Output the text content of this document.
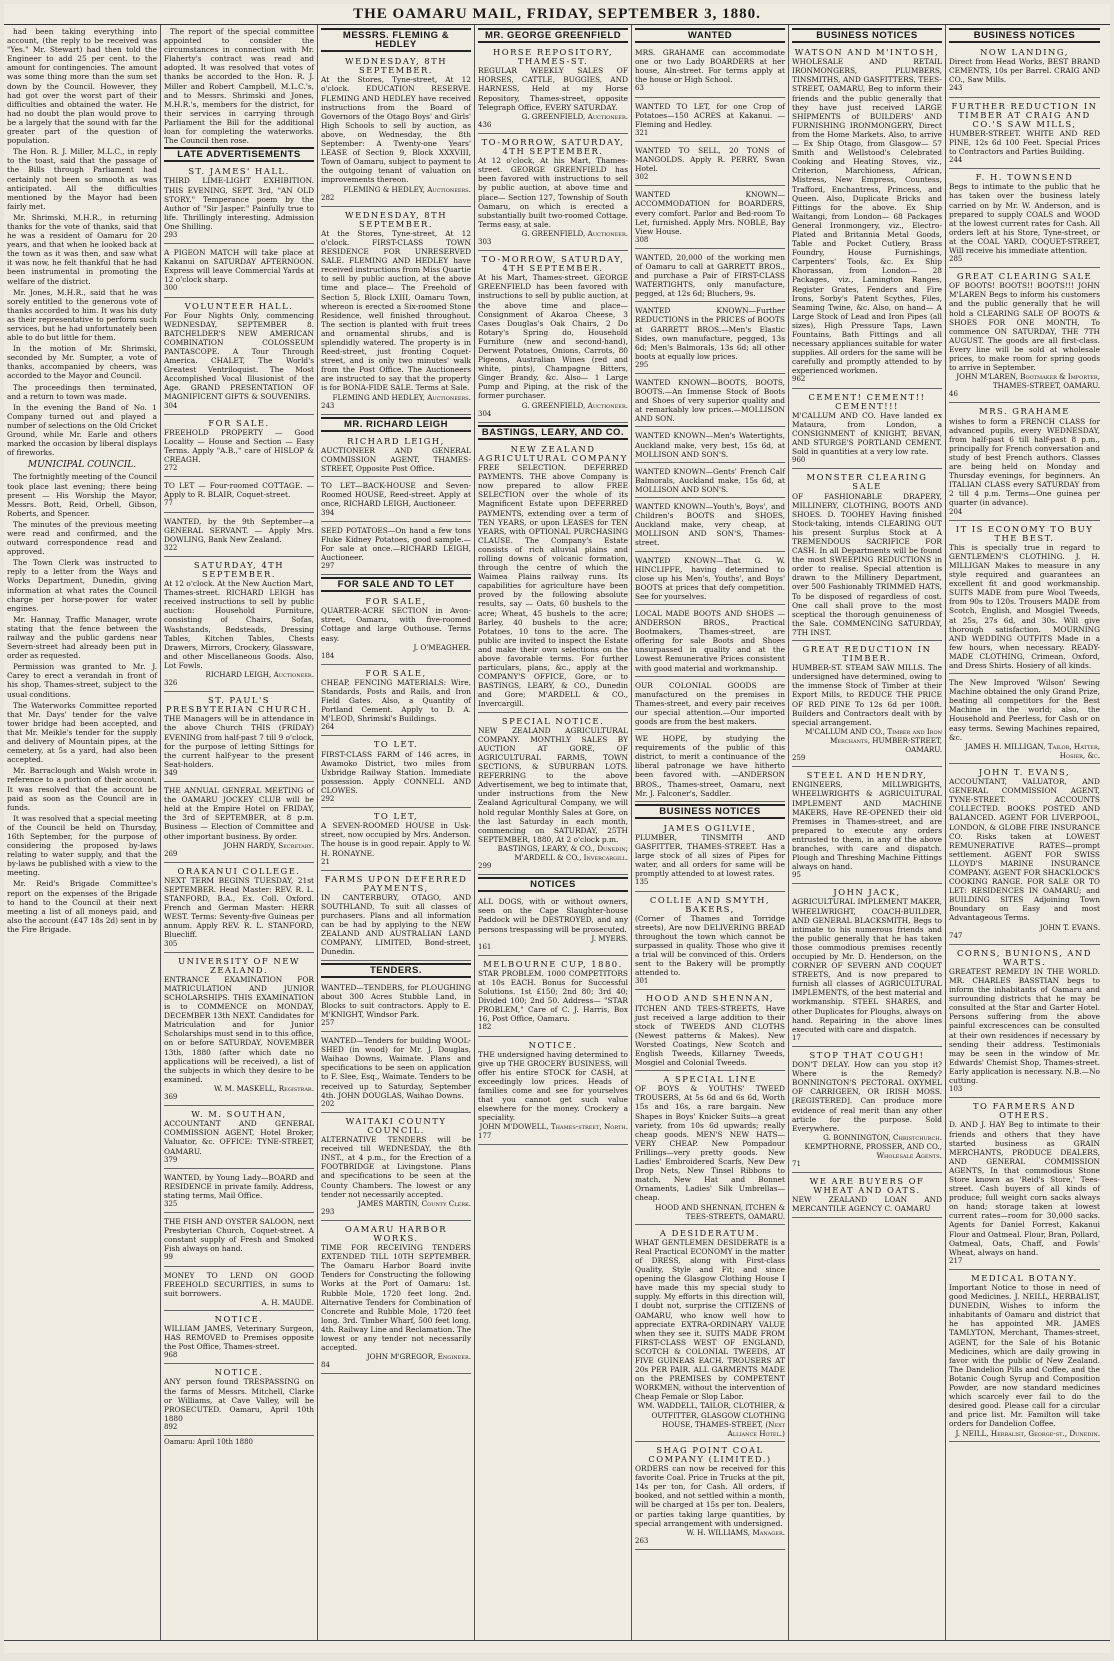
THE OAMARU MAIL, FRIDAY, SEPTEMBER 3, 1880.

had been taking everything into account, (the reply to be received was "Yes." Mr. Stewart) had then told the Engineer to add 25 per cent. to the amount for contingencies. The amount was some thing more than the sum set down by the Council. However, they had got over the worst part of their difficulties and obtained the water. He had no doubt the plan would prove to be a largely that the sound with far the greater part of the question of population.

The Hon. R. J. Miller, M.L.C., in reply to the toast, said that the passage of the Bills through Parliament had certainly not been so smooth as was anticipated. All the difficulties mentioned by the Mayor had been fairly met.

Mr. Shrimski, M.H.R., in returning thanks for the vote of thanks, said that he was a resident of Oamaru for 20 years, and that when he looked back at the town as it was then, and saw what it was now, he felt thankful that he had been instrumental in promoting the welfare of the district.

Mr. Jones, M.H.R., said that he was sorely entitled to the generous vote of thanks accorded to him. It was his duty as their representative to perform such services, but he had unfortunately been able to do but little for them.

In the motion of Mr. Shrimski, seconded by Mr. Sumpter, a vote of thanks, accompanied by cheers, was accorded to the Mayor and Council.

The proceedings then terminated, and a return to town was made.

In the evening the Band of No. 1 Company turned out and played a number of selections on the Old Cricket Ground, while Mr. Earle and others marked the occasion by liberal displays of fireworks.

MUNICIPAL COUNCIL.

The fortnightly meeting of the Council took place last evening; there being present — His Worship the Mayor, Messrs. Bott, Reid, Orbell, Gibson, Roberts, and Spencer.

The minutes of the previous meeting were read and confirmed, and the outward correspondence read and approved.

The Town Clerk was instructed to reply to a letter from the Ways and Works Department, Dunedin, giving information at what rates the Council charge per horse-power for water engines.

Mr. Hannay, Traffic Manager, wrote stating that the fence between the railway and the public gardens near Severn-street had already been put in order as requested.

Permission was granted to Mr. J. Carey to erect a verandah in front of his shop, Thames-street, subject to the usual conditions.

The Waterworks Committee reported that Mr. Days' tender for the valve tower bridge had been accepted, and that Mr. Meikle's tender for the supply and delivery of Mountain pipes, at the cemetery, at 5s a yard, had also been accepted.

Mr. Barraclough and Walsh wrote in reference to a portion of their account. It was resolved that the account be paid as soon as the Council are in funds.

It was resolved that a special meeting of the Council be held on Thursday, 16th September, for the purpose of considering the proposed by-laws relating to water supply, and that the by-laws be published with a view to the meeting.

Mr. Reid's Brigade Committee's report on the expenses of the Brigade to hand to the Council at their next meeting a list of all moneys paid, and also the account (£47 18s 2d) sent in by the Fire Brigade.

The report of the special committee appointed to consider the circumstances in connection with Mr. Flaherty's contract was read and adopted. It was resolved that votes of thanks be accorded to the Hon. R. J. Miller and Robert Campbell, M.L.C.'s, and to Messrs. Shrimski and Jones, M.H.R.'s, members for the district, for their services in carrying through Parliament the Bill for the additional loan for completing the waterworks. The Council then rose.

LATE ADVERTISEMENTS
ST. JAMES' HALL.
THIRD LIME-LIGHT EXHIBITION. THIS EVENING, SEPT. 3rd, "AN OLD STORY." Temperance poem by the Author of "Sir Jasper." Painfully true to life. Thrillingly interesting. Admission One Shilling.
293
A PIGEON MATCH will take place at Kakanui on SATURDAY AFTERNOON. Express will leave Commercial Yards at 12 o'clock sharp.
300
VOLUNTEER HALL.
For Four Nights Only, commencing WEDNESDAY, SEPTEMBER 8. BATCHELDER'S NEW AMERICAN COMBINATION COLOSSEUM PANTASCOPE. A Tour Through America. CHALET, The World's Greatest Ventriloquist. The Most Accomplished Vocal Illusionist of the Age. GRAND PRESENTATION OF MAGNIFICENT GIFTS & SOUVENIRS.
304
FOR SALE.
FREEHOLD PROPERTY — Good Locality — House and Section — Easy Terms. Apply "A.B.," care of HISLOP & CREAGH.
272
TO LET — Four-roomed COTTAGE. — Apply to R. BLAIR, Coquet-street.
77
WANTED, by the 9th September—a GENERAL SERVANT. — Apply Mrs. DOWLING, Bank New Zealand.
322
SATURDAY, 4TH SEPTEMBER.
At 12 o'clock. At the New Auction Mart, Thames-street. RICHARD LEIGH has received instructions to sell by public auction: Household Furniture, consisting of Chairs, Sofas, Washstands, Bedsteads, Dressing Tables, Kitchen Tables, Chests Drawers, Mirrors, Crockery, Glassware, and other Miscellaneous Goods. Also, Lot Fowls.
RICHARD LEIGH, Auctioneer.
326
ST. PAUL'S PRESBYTERIAN CHURCH.
THE Managers will be in attendance in the above Church THIS (FRIDAY) EVENING from half-past 7 till 9 o'clock, for the purpose of letting Sittings for the current half-year to the present Seat-holders.
349
THE ANNUAL GENERAL MEETING of the OAMARU JOCKEY CLUB will be held at the Empire Hotel on FRIDAY, the 3rd of SEPTEMBER, at 8 p.m. Business — Election of Committee and other important business. By order.
JOHN HARDY, Secretary.
269
ORAKANUI COLLEGE.
NEXT TERM BEGINS TUESDAY, 21st SEPTEMBER. Head Master: REV. R. L. STANFORD, B.A., Ex. Coll. Oxford. French and German Master: HERR WEST. Terms: Seventy-five Guineas per annum. Apply REV. R. L. STANFORD, Bluecliff.
305
UNIVERSITY OF NEW ZEALAND.
ENTRANCE EXAMINATION FOR MATRICULATION AND JUNIOR SCHOLARSHIPS. THIS EXAMINATION is to COMMENCE on MONDAY, DECEMBER 13th NEXT. Candidates for Matriculation and for Junior Scholarships must send in to this office, on or before SATURDAY, NOVEMBER 13th, 1880 (after which date no applications will be received), a list of the subjects in which they desire to be examined.
W. M. MASKELL, Registrar.
369
W. M. SOUTHAN,
ACCOUNTANT AND GENERAL COMMISSION AGENT, Hotel Broker, Valuator, &c. OFFICE: TYNE-STREET, OAMARU.
379
WANTED, by Young Lady—BOARD and RESIDENCE in private family. Address, stating terms, Mail Office.
325
THE FISH AND OYSTER SALOON, next Presbyterian Church, Coquet-street. A constant supply of Fresh and Smoked Fish always on hand.
99
MONEY TO LEND ON GOOD FREEHOLD SECURITIES, in sums to suit borrowers.
A. H. MAUDE.
NOTICE.
WILLIAM JAMES, Veterinary Surgeon, HAS REMOVED to Premises opposite the Post Office, Thames-street.
968
NOTICE.
ANY person found TRESPASSING on the farms of Messrs. Mitchell, Clarke or Williams, at Cave Valley, will be PROSECUTED. Oamaru, April 10th 1880
892
Oamaru: April 10th 1880
MESSRS. FLEMING & HEDLEY
WEDNESDAY, 8TH SEPTEMBER.
At the Stores, Tyne-street, At 12 o'clock. EDUCATION RESERVE. FLEMING AND HEDLEY have received instructions from the Board of Governors of the Otago Boys' and Girls' High Schools to sell by auction, as above, on Wednesday, the 8th September: A Twenty-one Years' LEASE of Section 9, Block XXXVIII, Town of Oamaru, subject to payment to the outgoing tenant of valuation on improvements thereon.
FLEMING & HEDLEY, Auctioneers.
282
WEDNESDAY, 8TH SEPTEMBER.
At the Stores, Tyne-street, At 12 o'clock. FIRST-CLASS TOWN RESIDENCE FOR UNRESERVED SALE. FLEMING AND HEDLEY have received instructions from Miss Quartie to sell by public auction, at the above time and place— The Freehold of Section 5, Block LXIII, Oamaru Town, whereon is erected a Six-roomed Stone Residence, well finished throughout. The section is planted with fruit trees and ornamental shrubs, and is splendidly watered. The property is in Reed-street, just fronting Coquet-street, and is only two minutes' walk from the Post Office. The Auctioneers are instructed to say that the property is for BONA-FIDE SALE. Terms at Sale.
FLEMING AND HEDLEY, Auctioneers.
243
MR. RICHARD LEIGH
RICHARD LEIGH,
AUCTIONEER AND GENERAL COMMISSION AGENT, THAMES-STREET, Opposite Post Office.
TO LET—BACK-HOUSE and Seven-Roomed HOUSE, Reed-street. Apply at once, RICHARD LEIGH, Auctioneer.
394
SEED POTATOES—On hand a few tons Fluke Kidney Potatoes, good sample.—For sale at once.—RICHARD LEIGH, Auctioneer.
297
FOR SALE AND TO LET
FOR SALE,
QUARTER-ACRE SECTION in Avon-street, Oamaru, with five-roomed Cottage and large Outhouse. Terms easy.
J. O'MEAGHER.
184
FOR SALE,
CHEAP, FENCING MATERIALS: Wire, Standards, Posts and Rails, and Iron Field Gates. Also, a Quantity of Portland Cement. Apply to D. A. M'LEOD, Shrimski's Buildings.
264
TO LET.
FIRST-CLASS FARM of 146 acres, in Awamoko District, two miles from Uxbridge Railway Station. Immediate possession. Apply CONNELL AND CLOWES.
292
TO LET,
A SEVEN-ROOMED HOUSE in Usk-street, now occupied by Mrs. Anderson. The house is in good repair. Apply to W. H. RONAYNE.
21
FARMS UPON DEFERRED PAYMENTS,
IN CANTERBURY, OTAGO, AND SOUTHLAND, To suit all classes of purchasers. Plans and all information can be had by applying to the NEW ZEALAND AND AUSTRALIAN LAND COMPANY, LIMITED, Bond-street, Dunedin.
TENDERS.
WANTED—TENDERS, for PLOUGHING about 300 Acres Stubble Land, in Blocks to suit contractors. Apply to E. M'KNIGHT, Windsor Park.
257
WANTED—Tenders for building WOOL-SHED (in wood) for Mr. J. Douglas, Waihao Downs, Waimate. Plans and specifications to be seen on application to F. Slee, Esq., Waimate. Tenders to be received up to Saturday, September 4th. JOHN DOUGLAS, Waihao Downs.
202
WAITAKI COUNTY COUNCIL.
ALTERNATIVE TENDERS will be received till WEDNESDAY, the 8th INST., at 4 p.m., for the Erection of a FOOTBRIDGE at Livingstone. Plans and specifications to be seen at the County Chambers. The lowest or any tender not necessarily accepted.
JAMES MARTIN, County Clerk.
293
OAMARU HARBOR WORKS.
TIME FOR RECEIVING TENDERS EXTENDED TILL 10TH SEPTEMBER. The Oamaru Harbor Board invite Tenders for Constructing the following Works at the Port of Oamaru: 1st. Rubble Mole, 1720 feet long. 2nd. Alternative Tenders for Combination of Concrete and Rubble Mole, 1720 feet long. 3rd. Timber Wharf, 500 feet long. 4th. Railway Line and Reclamation. The lowest or any tender not necessarily accepted.
JOHN M'GREGOR, Engineer.
84
MR. GEORGE GREENFIELD
HORSE REPOSITORY, THAMES-ST.
REGULAR WEEKLY SALES OF HORSES, CATTLE, BUGGIES, AND HARNESS, Held at my Horse Repository, Thames-street, opposite Telegraph Office, EVERY SATURDAY.
G. GREENFIELD, Auctioneer.
436
TO-MORROW, SATURDAY, 4TH SEPTEMBER.
At 12 o'clock, At his Mart, Thames-street. GEORGE GREENFIELD has been favored with instructions to sell by public auction, at above time and place— Section 127, Township of South Oamaru, on which is erected a substantially built two-roomed Cottage. Terms easy, at sale.
G. GREENFIELD, Auctioneer.
303
TO-MORROW, SATURDAY, 4TH SEPTEMBER.
At his Mart, Thames-street. GEORGE GREENFIELD has been favored with instructions to sell by public auction, at the above time and place— Consignment of Akaroa Cheese, 3 Cases Douglas's Oak Chairs, 2 Do Rotary's Spring do, Household Furniture (new and second-hand), Derwent Potatoes, Onions, Carrots, 80 Pigeons, Australian Wines (red and white, pints), Champagne Bitters, Ginger Brandy, &c. Also— 1 Large Pump and Piping, at the risk of the former purchaser.
G. GREENFIELD, Auctioneer.
304
BASTINGS, LEARY, AND CO.
NEW ZEALAND AGRICULTURAL COMPANY
FREE SELECTION. DEFERRED PAYMENTS. THE above Company is now prepared to allow FREE SELECTION over the whole of its Magnificent Estate upon DEFERRED PAYMENTS, extending over a term of TEN YEARS, or upon LEASES for TEN YEARS, with OPTIONAL PURCHASING CLAUSE. The Company's Estate consists of rich alluvial plains and rolling downs of volcanic formation, through the centre of which the Waimea Plains railway runs. Its capabilities for agriculture have been proved by the following absolute results, say — Oats, 60 bushels to the acre; Wheat, 45 bushels to the acre; Barley, 40 bushels to the acre; Potatoes, 10 tons to the acre. The public are invited to inspect the Estate and make their own selections on the above favorable terms. For further particulars, plans, &c., apply at the COMPANY'S OFFICE, Gore, or to BASTINGS, LEARY, & CO., Dunedin and Gore; M'ARDELL & CO., Invercargill.
SPECIAL NOTICE.
NEW ZEALAND AGRICULTURAL COMPANY. MONTHLY SALES BY AUCTION AT GORE, OF AGRICULTURAL FARMS, TOWN SECTIONS, & SUBURBAN LOTS. REFERRING to the above Advertisement, we beg to intimate that, under instructions from the New Zealand Agricultural Company, we will hold regular Monthly Sales at Gore, on the last Saturday in each month, commencing on SATURDAY, 25TH SEPTEMBER, 1880, At 2 o'clock p.m.
BASTINGS, LEARY, & CO., Dunedin; M'ARDELL & CO., Invercargill.
299
NOTICES
ALL DOGS, with or without owners, seen on the Cape Slaughter-house Paddock will be DESTROYED, and any persons trespassing will be prosecuted.
J. MYERS.
161
MELBOURNE CUP, 1880.
STAR PROBLEM. 1000 COMPETITORS at 10s EACH. Bonus for Successful Solutions. 1st £150; 2nd 80; 3rd 40; Divided 100; 2nd 50. Address— "STAR PROBLEM," Care of C. J. Harris, Box 16, Post Office, Oamaru.
182
NOTICE.
THE undersigned having determined to give up THE GROCERY BUSINESS, will offer his entire STOCK for CASH, at exceedingly low prices. Heads of families come and see for yourselves that you cannot get such value elsewhere for the money. Crockery a speciality.
JOHN M'DOWELL, Thames-street, North.
177
WANTED
MRS. GRAHAME can accommodate one or two Lady BOARDERS at her house, Aln-street. For terms apply at the house or High School.
63
WANTED TO LET, for one Crop of Potatoes—150 ACRES at Kakanui. —Fleming and Hedley.
321
WANTED TO SELL, 20 TONS of MANGOLDS. Apply R. PERRY, Swan Hotel.
302
WANTED KNOWN—ACCOMMODATION for BOARDERS, every comfort. Parlor and Bed-room To Let, furnished. Apply Mrs. NOBLE, Bay View House.
308
WANTED, 20,000 of the working men of Oamaru to call at GARRETT BROS., and purchase a Pair of FIRST-CLASS WATERTIGHTS, only manufacture, pegged, at 12s 6d; Bluchers, 9s.
WANTED KNOWN—Further REDUCTIONS in the PRICES of BOOTS at GARRETT BROS.—Men's Elastic Sides, own manufacture, pegged, 13s 6d; Men's Balmorals, 13s 6d; all other boots at equally low prices.
295
WANTED KNOWN—BOOTS, BOOTS, BOOTS.—An Immense Stock of Boots and Shoes of very superior quality and at remarkably low prices.—MOLLISON AND SON.
WANTED KNOWN—Men's Watertights, Auckland make, very best, 15s 6d, at MOLLISON AND SON'S.
WANTED KNOWN—Gents' French Calf Balmorals, Auckland make, 15s 6d, at MOLLISON AND SON'S.
WANTED KNOWN—Youth's, Boys', and Children's BOOTS and SHOES, Auckland make, very cheap, at MOLLISON AND SON'S, Thames-street.
WANTED KNOWN—That G. W. HINCLIFFE, having determined to close up his Men's, Youths', and Boys' BOOTS at prices that defy competition. See for yourselves.
LOCAL MADE BOOTS AND SHOES —ANDERSON BROS., Practical Bootmakers, Thames-street, are offering for sale Boots and Shoes unsurpassed in quality and at the Lowest Remunerative Prices consistent with good material and workmanship.
OUR COLONIAL GOODS are manufactured on the premises in Thames-street, and every pair receives our special attention.—Our imported goods are from the best makers.
WE HOPE, by studying the requirements of the public of this district, to merit a continuance of the liberal patronage we have hitherto been favored with. —ANDERSON BROS., Thames-street, Oamaru, next Mr. J. Falconer's, Saddler.
BUSINESS NOTICES
JAMES OGILVIE,
PLUMBER, TINSMITH AND GASFITTER, THAMES-STREET. Has a large stock of all sizes of Pipes for water, and all orders for same will be promptly attended to at lowest rates.
135
COLLIE AND SMYTH, BAKERS,
(Corner of Thames and Torridge streets), Are now DELIVERING BREAD throughout the town which cannot be surpassed in quality. Those who give it a trial will be convinced of this. Orders sent to the Bakery will be promptly attended to.
301
HOOD AND SHENNAN,
ITCHEN AND TEES-STREETS, Have just received a large addition to their stock of TWEEDS AND CLOTHS (Newest patterns & Makes). New Worsted Coatings, New Scotch and English Tweeds, Killarney Tweeds, Mosgiel and Colonial Tweeds.
A SPECIAL LINE
OF BOYS & YOUTHS' TWEED TROUSERS, At 5s 6d and 6s 6d, Worth 15s and 16s, a rare bargain. New Shapes in Boys' Knicker Suits—a great variety, from 10s 6d upwards; really cheap goods. MEN'S NEW HATS—VERY CHEAP. New Pompadour Frillings—very pretty goods. New Ladies' Embroidered Scarfs, New Dew Drop Nets, New Tinsel Ribbons to match, New Hat and Bonnet Ornaments, Ladies' Silk Umbrellas—cheap.
HOOD AND SHENNAN, ITCHEN & TEES-STREETS, OAMARU.
A DESIDERATUM.
WHAT GENTLEMEN DESIDERATE is a Real Practical ECONOMY in the matter of DRESS, along with First-class Quality, Style and Fit; and since opening the Glasgow Clothing House I have made this my special study to supply. My efforts in this direction will, I doubt not, surprise the CITIZENS of OAMARU, who know well how to appreciate EXTRA-ORDINARY VALUE when they see it. SUITS MADE FROM FIRST-CLASS WEST OF ENGLAND, SCOTCH & COLONIAL TWEEDS, AT FIVE GUINEAS EACH. TROUSERS AT 20s PER PAIR. ALL GARMENTS MADE on the PREMISES by COMPETENT WORKMEN, without the intervention of Cheap Female or Slop Labor.
WM. WADDELL, TAILOR, CLOTHIER, & OUTFITTER, GLASGOW CLOTHING HOUSE, THAMES-STREET, (Next Alliance Hotel.)
SHAG POINT COAL COMPANY (LIMITED.)
ORDERS can now be received for this favorite Coal. Price in Trucks at the pit, 14s per ton, for Cash. All orders, if booked, and not settled within a month, will be charged at 15s per ton. Dealers, or parties taking large quantities, by special arrangement with undersigned.
W. H. WILLIAMS, Manager.
263
BUSINESS NOTICES
WATSON AND M'INTOSH,
WHOLESALE AND RETAIL IRONMONGERS, PLUMBERS, TINSMITHS, AND GASFITTERS, TEES-STREET, OAMARU, Beg to inform their friends and the public generally that they have just received LARGE SHIPMENTS of BUILDERS' AND FURNISHING IRONMONGERY, Direct from the Home Markets. Also, to arrive— Ex Ship Otago, from Glasgow— 57 Smith and Wellstood's Celebrated Cooking and Heating Stoves, viz., Criterion, Marchioness, African, Mistress, New Empress, Countess, Trafford, Enchantress, Princess, and Queen. Also, Duplicate Bricks and Fittings for the above. Ex Ship Waitangi, from London— 68 Packages General Ironmongery, viz., Electro-Plated and Britannia Metal Goods, Table and Pocket Cutlery, Brass Foundry, House Furnishings, Carpenters' Tools, &c. Ex Ship Khorassan, from London— 28 Packages, viz., Lamington Ranges, Register Grates, Fenders and Fire Irons, Sorby's Patent Scythes, Files, Seaming Twine, &c. Also, on hand— A Large Stock of Lead and Iron Pipes (all sizes), High Pressure Taps, Lawn Fountains, Bath Fittings and all necessary appliances suitable for water supplies. All orders for the same will be carefully and promptly attended to by experienced workmen.
962
CEMENT! CEMENT!! CEMENT!!!
M'CALLUM AND CO. Have landed ex Mataura, from London, a CONSIGNMENT of KNIGHT, BEVAN, AND STURGE'S PORTLAND CEMENT. Sold in quantities at a very low rate.
960
MONSTER CLEARING SALE
OF FASHIONABLE DRAPERY, MILLINERY, CLOTHING, BOOTS AND SHOES. D. TOOHEY Having finished Stock-taking, intends CLEARING OUT his present Surplus Stock at A TREMENDOUS SACRIFICE FOR CASH. In all Departments will be found the most SWEEPING REDUCTIONS in order to realise. Special attention is drawn to the Millinery Department, over 500 Fashionably TRIMMED HATS, To be disposed of regardless of cost. One call shall prove to the most sceptical the thorough genuineness of the Sale. COMMENCING SATURDAY, 7TH INST.
GREAT REDUCTION IN TIMBER.
HUMBER-ST. STEAM SAW MILLS. The undersigned have determined, owing to the immense Stock of Timber at their Export Mills, to REDUCE THE PRICE OF RED PINE To 12s 6d per 100ft. Builders and Contractors dealt with by special arrangement.
M'CALLUM AND CO., Timber and Iron Merchants, HUMBER-STREET, OAMARU.
259
STEEL AND HENDRY,
ENGINEERS, MILLWRIGHTS, WHEELWRIGHTS & AGRICULTURAL IMPLEMENT AND MACHINE MAKERS, Have RE-OPENED their old Premises in Thames-street, and are prepared to execute any orders entrusted to them, in any of the above branches, with care and dispatch. Plough and Threshing Machine Fittings always on hand.
95
JOHN JACK,
AGRICULTURAL IMPLEMENT MAKER, WHEELWRIGHT, COACH-BUILDER, AND GENERAL BLACKSMITH, Begs to intimate to his numerous friends and the public generally that he has taken those commodious premises recently occupied by Mr. D. Henderson, on the CORNER OF SEVERN AND COQUET STREETS, And is now prepared to furnish all classes of AGRICULTURAL IMPLEMENTS, of the best material and workmanship. STEEL SHARES, and other Duplicates for Ploughs, always on hand. Repairing in the above lines executed with care and dispatch.
17
STOP THAT COUGH!
DON'T DELAY. How can you stop it? Where is the Remedy? BONNINGTON'S PECTORAL OXYMEL OF CARRIGEEN, OR IRISH MOSS. [REGISTERED]. Can produce more evidence of real merit than any other article for the purpose. Sold Everywhere.
G. BONNINGTON, Christchurch. KEMPTHORNE, PROSSER, AND CO., Wholesale Agents.
71
WE ARE BUYERS OF WHEAT AND OATS.
NEW ZEALAND LOAN AND MERCANTILE AGENCY C. OAMARU
BUSINESS NOTICES
NOW LANDING,
Direct from Head Works, BEST BRAND CEMENTS, 10s per Barrel. CRAIG AND CO., Saw Mills.
243
FURTHER REDUCTION IN TIMBER AT CRAIG AND CO.'S SAW MILLS,
HUMBER-STREET. WHITE AND RED PINE, 12s 6d 100 Feet. Special Prices to Contractors and Parties Building.
244
F. H. TOWNSEND
Begs to intimate to the public that he has taken over the business lately carried on by Mr. W. Anderson, and is prepared to supply COALS and WOOD at the lowest current rates for Cash. All orders left at his Store, Tyne-street, or at the COAL YARD, COQUET-STREET, Will receive his immediate attention.
285
GREAT CLEARING SALE
OF BOOTS! BOOTS!! BOOTS!!! JOHN M'LAREN Begs to inform his customers and the public generally that he will hold a CLEARING SALE OF BOOTS & SHOES FOR ONE MONTH, To commence ON SATURDAY, THE 7TH AUGUST. The goods are all first-class. Every line will be sold at wholesale prices, to make room for spring goods to arrive in September.
JOHN M'LAREN, Bootmaker & Importer, THAMES-STREET, OAMARU.
46
MRS. GRAHAME
wishes to form a FRENCH CLASS for advanced pupils, every WEDNESDAY, from half-past 6 till half-past 8 p.m., principally for French conversation and study of best French authors. Classes are being held on Monday and Thursday evenings, for beginners. An ITALIAN CLASS every SATURDAY from 2 till 4 p.m. Terms—One guinea per quarter (in advance).
204
IT IS ECONOMY TO BUY THE BEST.
This is specially true in regard to GENTLEMEN'S CLOTHING. J. H. MILLIGAN Makes to measure in any style required and guarantees an excellent fit and good workmanship. SUITS MADE from pure Wool Tweeds, from 90s to 120s. Trousers MADE from Scotch, English, and Mosgiel Tweeds, at 25s, 27s 6d, and 30s. Will give thorough satisfaction. MOURNING AND WEDDING OUTFITS Made in a few hours, when necessary. READY-MADE CLOTHING, Crimean, Oxford, and Dress Shirts. Hosiery of all kinds.
The New Improved 'Wilson' Sewing Machine obtained the only Grand Prize, beating all competitors for the Best Machine in the world; also, the Household and Peerless, for Cash or on easy terms. Sewing Machines repaired, &c.
JAMES H. MILLIGAN, Tailor, Hatter, Hosier, &c.
JOHN T. EVANS,
ACCOUNTANT, VALUATOR, AND GENERAL COMMISSION AGENT, TYNE-STREET. ACCOUNTS COLLECTED. BOOKS POSTED AND BALANCED. AGENT FOR LIVERPOOL, LONDON, & GLOBE FIRE INSURANCE CO. Risks taken at LOWEST REMUNERATIVE RATES—prompt settlement. AGENT FOR SWISS LLOYD'S MARINE INSURANCE COMPANY. AGENT FOR SHACKLOCK'S COOKING RANGE. FOR SALE OR TO LET: RESIDENCES IN OAMARU; and BUILDING SITES Adjoining Town Boundary on Easy and most Advantageous Terms.
JOHN T. EVANS.
747
CORNS, BUNIONS, AND WARTS.
GREATEST REMEDY IN THE WORLD. MR. CHARLES BASSTIAN begs to inform the inhabitants of Oamaru and surrounding districts that he may be consulted at the Star and Garter Hotel. Persons suffering from the above painful excrescences can be consulted at their own residences if necessary by sending their address. Testimonials may be seen in the window of Mr. Edwards' Chemist Shop, Thames-street. Early application is necessary. N.B.—No cutting.
103
TO FARMERS AND OTHERS.
D. AND J. HAY Beg to intimate to their friends and others that they have started business as GRAIN MERCHANTS, PRODUCE DEALERS, AND GENERAL COMMISSION AGENTS, In that commodious Stone Store known as 'Reid's Store,' Tees-street. Cash buyers of all kinds of produce; full weight corn sacks always on hand; storage taken at lowest current rates—room for 30,000 sacks. Agents for Daniel Forrest, Kakanui Flour and Oatmeal. Flour, Bran, Pollard, Oatmeal, Oats, Chaff, and Fowls' Wheat, always on hand.
217
MEDICAL BOTANY.
Important Notice to those in need of good Medicines. J. NEILL, HERBALIST, DUNEDIN, Wishes to inform the inhabitants of Oamaru and district that he has appointed MR. JAMES TAMLYTON, Merchant, Thames-street, AGENT, for the Sale of his Botanic Medicines, which are daily growing in favor with the public of New Zealand. The Dandelion Pills and Coffee, and the Botanic Cough Syrup and Composition Powder, are now standard medicines which scarcely ever fail to do the desired good. Please call for a circular and price list. Mr. Familton will take orders for Dandelion Coffee.
J. NEILL, Herbalist, George-st., Dunedin.
